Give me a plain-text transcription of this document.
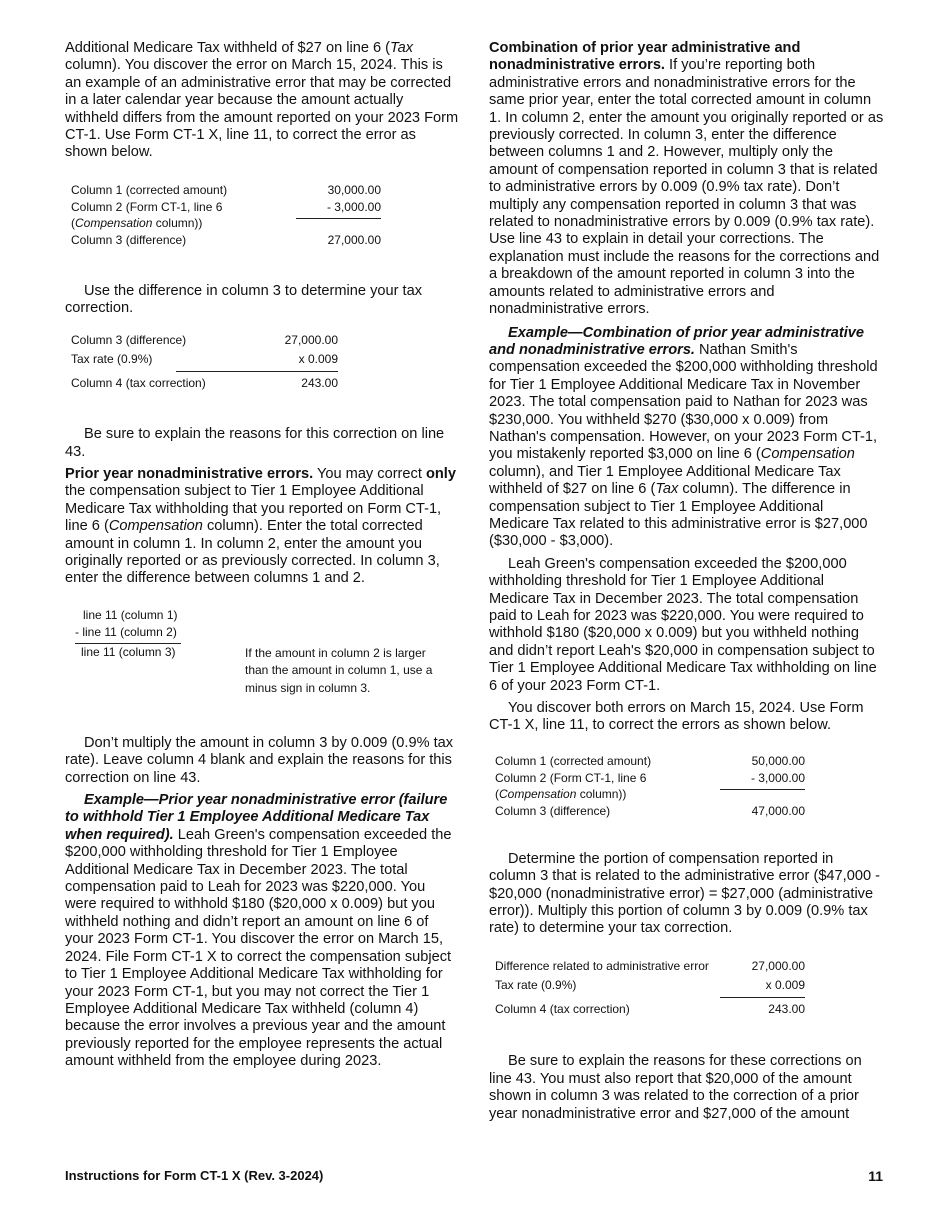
Additional Medicare Tax withheld of $27 on line 6 (Tax column). You discover the error on March 15, 2024. This is an example of an administrative error that may be corrected in a later calendar year because the amount actually withheld differs from the amount reported on your 2023 Form CT-1. Use Form CT-1 X, line 11, to correct the error as shown below.

Column 1 (corrected amount)	30,000.00
Column 2 (Form CT-1, line 6
(Compensation column))	- 3,000.00

Column 3 (difference)	27,000.00

Use the difference in column 3 to determine your tax correction.

Column 3 (difference)	27,000.00
Tax rate (0.9%)	x 0.009

Column 4 (tax correction)	243.00

Be sure to explain the reasons for this correction on line 43.

Prior year nonadministrative errors. You may correct only the compensation subject to Tier 1 Employee Additional Medicare Tax withholding that you reported on Form CT-1, line 6 (Compensation column). Enter the total corrected amount in column 1. In column 2, enter the amount you originally reported or as previously corrected. In column 3, enter the difference between columns 1 and 2.

line 11 (column 1)
- line 11 (column 2)
line 11 (column 3)	If the amount in column 2 is larger than the amount in column 1, use a minus sign in column 3.

Don’t multiply the amount in column 3 by 0.009 (0.9% tax rate). Leave column 4 blank and explain the reasons for this correction on line 43.

Example—Prior year nonadministrative error (failure to withhold Tier 1 Employee Additional Medicare Tax when required). Leah Green's compensation exceeded the $200,000 withholding threshold for Tier 1 Employee Additional Medicare Tax in December 2023. The total compensation paid to Leah for 2023 was $220,000. You were required to withhold $180 ($20,000 x 0.009) but you withheld nothing and didn’t report an amount on line 6 of your 2023 Form CT-1. You discover the error on March 15, 2024. File Form CT-1 X to correct the compensation subject to Tier 1 Employee Additional Medicare Tax withholding for your 2023 Form CT-1, but you may not correct the Tier 1 Employee Additional Medicare Tax withheld (column 4) because the error involves a previous year and the amount previously reported for the employee represents the actual amount withheld from the employee during 2023.

Combination of prior year administrative and nonadministrative errors. If you’re reporting both administrative errors and nonadministrative errors for the same prior year, enter the total corrected amount in column 1. In column 2, enter the amount you originally reported or as previously corrected. In column 3, enter the difference between columns 1 and 2. However, multiply only the amount of compensation reported in column 3 that is related to administrative errors by 0.009 (0.9% tax rate). Don’t multiply any compensation reported in column 3 that was related to nonadministrative errors by 0.009 (0.9% tax rate). Use line 43 to explain in detail your corrections. The explanation must include the reasons for the corrections and a breakdown of the amount reported in column 3 into the amounts related to administrative errors and nonadministrative errors.

Example—Combination of prior year administrative and nonadministrative errors. Nathan Smith's compensation exceeded the $200,000 withholding threshold for Tier 1 Employee Additional Medicare Tax in November 2023. The total compensation paid to Nathan for 2023 was $230,000. You withheld $270 ($30,000 x 0.009) from Nathan's compensation. However, on your 2023 Form CT-1, you mistakenly reported $3,000 on line 6 (Compensation column), and Tier 1 Employee Additional Medicare Tax withheld of $27 on line 6 (Tax column). The difference in compensation subject to Tier 1 Employee Additional Medicare Tax related to this administrative error is $27,000 ($30,000 - $3,000).

Leah Green's compensation exceeded the $200,000 withholding threshold for Tier 1 Employee Additional Medicare Tax in December 2023. The total compensation paid to Leah for 2023 was $220,000. You were required to withhold $180 ($20,000 x 0.009) but you withheld nothing and didn’t report Leah's $20,000 in compensation subject to Tier 1 Employee Additional Medicare Tax withholding on line 6 of your 2023 Form CT-1.

You discover both errors on March 15, 2024. Use Form CT-1 X, line 11, to correct the errors as shown below.

Column 1 (corrected amount)	50,000.00
Column 2 (Form CT-1, line 6
(Compensation column))	- 3,000.00

Column 3 (difference)	47,000.00

Determine the portion of compensation reported in column 3 that is related to the administrative error ($47,000 - $20,000 (nonadministrative error) = $27,000 (administrative error)). Multiply this portion of column 3 by 0.009 (0.9% tax rate) to determine your tax correction.

Difference related to administrative error	27,000.00
Tax rate (0.9%)	x 0.009

Column 4 (tax correction)	243.00

Be sure to explain the reasons for these corrections on line 43. You must also report that $20,000 of the amount shown in column 3 was related to the correction of a prior year nonadministrative error and $27,000 of the amount

Instructions for Form CT-1 X (Rev. 3-2024)	11
